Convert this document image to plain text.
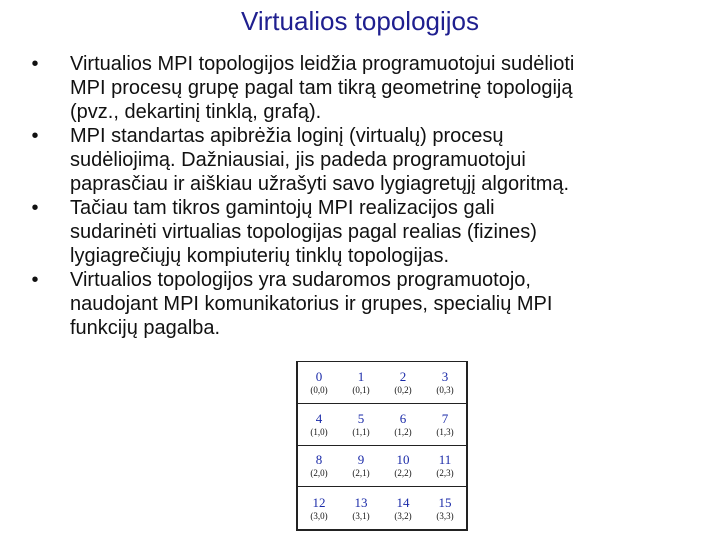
Virtualios topologijos
• Virtualios MPI topologijos leidžia programuotojui sudėlioti
MPI procesų grupę pagal tam tikrą geometrinę topologiją
(pvz., dekartinį tinklą, grafą).
• MPI standartas apibrėžia loginį (virtualų) procesų
sudėliojimą. Dažniausiai, jis padeda programuotojui
paprasčiau ir aiškiau užrašyti savo lygiagretųjį algoritmą.
• Tačiau tam tikros gamintojų MPI realizacijos gali
sudarinėti virtualias topologijas pagal realias (fizines)
lygiagrečiųjų kompiuterių tinklų topologijas.
• Virtualios topologijos yra sudaromos programuotojo,
naudojant MPI komunikatorius ir grupes, specialių MPI
funkcijų pagalba.
0
(0,0)
1
(0,1)
2
(0,2)
3
(0,3)
4
(1,0)
5
(1,1)
6
(1,2)
7
(1,3)
8
(2,0)
9
(2,1)
10
(2,2)
11
(2,3)
12
(3,0)
13
(3,1)
14
(3,2)
15
(3,3)
